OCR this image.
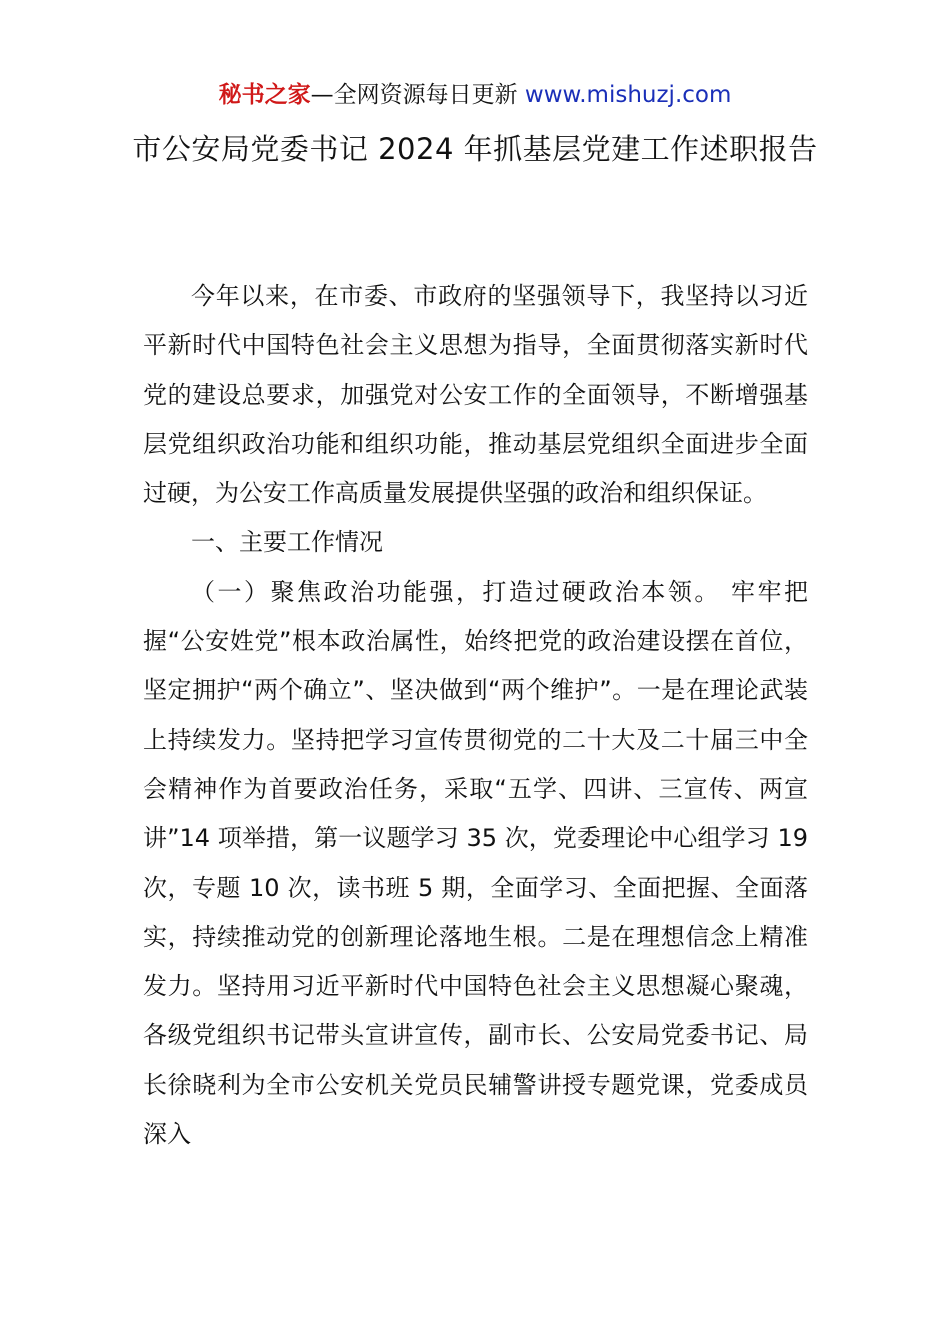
秘书之家—全网资源每日更新 www.mishuzj.com
市公安局党委书记 2024 年抓基层党建工作述职报告

今年以来，在市委、市政府的坚强领导下，我坚持以习近平新时代中国特色社会主义思想为指导，全面贯彻落实新时代党的建设总要求，加强党对公安工作的全面领导，不断增强基层党组织政治功能和组织功能，推动基层党组织全面进步全面过硬，为公安工作高质量发展提供坚强的政治和组织保证。

一、主要工作情况

（一）聚焦政治功能强，打造过硬政治本领。 牢牢把握“公安姓党”根本政治属性，始终把党的政治建设摆在首位，坚定拥护“两个确立”、坚决做到“两个维护”。一是在理论武装上持续发力。坚持把学习宣传贯彻党的二十大及二十届三中全会精神作为首要政治任务，采取“五学、四讲、三宣传、两宣讲”14 项举措，第一议题学习 35 次，党委理论中心组学习 19 次，专题 10 次，读书班 5 期，全面学习、全面把握、全面落实，持续推动党的创新理论落地生根。二是在理想信念上精准发力。坚持用习近平新时代中国特色社会主义思想凝心聚魂，各级党组织书记带头宣讲宣传，副市长、公安局党委书记、局长徐晓利为全市公安机关党员民辅警讲授专题党课，党委成员深入
